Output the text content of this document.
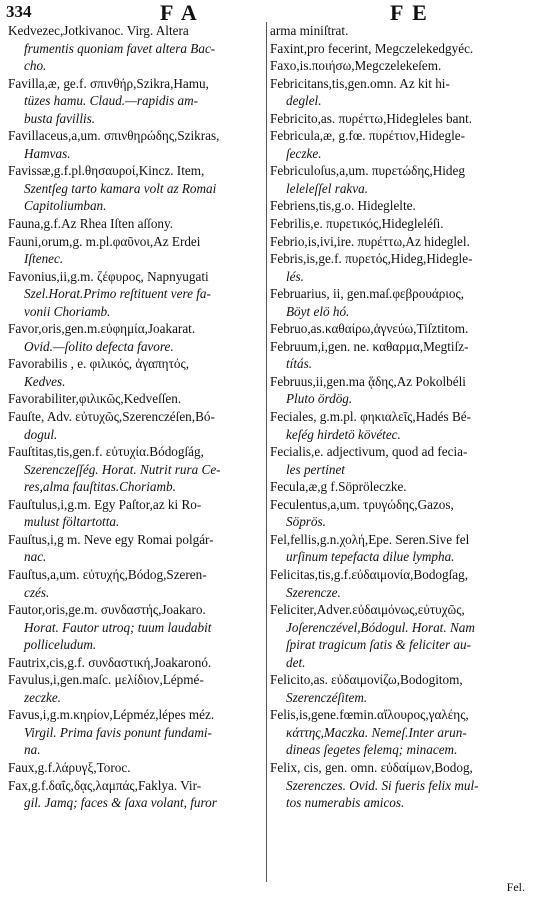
334	F A	F E
Kedvezec,Jotkivanoc. Virg. Altera
frumentis quoniam favet altera Bac-
cho.
Favilla,æ, ge.f. σπινθήρ,Szikra,Hamu,
tüzes hamu. Claud.—rapidis am-
busta favillis.
Favillaceus,a,um. σπινθηρώδης,Szikras,
Hamvas.
Favissæ,g.f.pl.θησαυροί,Kincz. Item,
Szentſeg tarto kamara volt az Romai
Capitoliumban.
Fauna,g.f.Az Rhea Iſten aſſony.
Fauni,orum,g. m.pl.φαῦνοι,Az Erdei
Iſtenec.
Favonius,ii,g.m. ζέφυρος, Napnyugati
Szel.Horat.Primo reſtituent vere fa-
vonii Choriamb.
Favor,oris,gen.m.εὐφημία,Joakarat.
Ovid.—ſolito defecta favore.
Favorabilis , e. φιλικός, ἀγαπητός,
Kedves.
Favorabiliter,φιλικῶς,Kedveſſen.
Fauſte, Adv. εὐτυχῶς,Szerenczéſen,Bó-
dogul.
Fauſtitas,tis,gen.f. εὐτυχία.Bódogſág,
Szerenczeſſég. Horat. Nutrit rura Ce-
res,alma fauſtitas.Choriamb.
Fauſtulus,i,g.m. Egy Paſtor,az ki Ro-
mulust föltartotta.
Fauſtus,i,g m. Neve egy Romai polgár-
nac.
Fauſtus,a,um. εὐτυχής,Bódog,Szeren-
czés.
Fautor,oris,ge.m. συνδαστής,Joakaro.
Horat. Fautor utroq; tuum laudabit
polliceludum.
Fautrix,cis,g.f. συνδαστική,Joakaronó.
Favulus,i,gen.maſc. μελίδιον,Lépmé-
zeczke.
Favus,i,g.m.κηρίον,Lépméz,lépes méz.
Virgil. Prima favis ponunt fundami-
na.
Faux,g.f.λάρυγξ,Toroc.
Fax,g.f.δαΐς,δᾳς,λαμπάς,Faklya. Vir-
gil. Jamq; faces & ſaxa volant, furor
arma miniſtrat.
Faxint,pro fecerint, Megczelekedgyéc.
Faxo,is.ποιήσω,Megczelekeſem.
Febricitans,tis,gen.omn. Az kit hi-
deglel.
Febricito,as. πυρέττω,Hidegleles bant.
Febricula,æ, g.fœ. πυρέτιον,Hidegle-
ſeczke.
Febriculoſus,a,um. πυρετώδης,Hideg
leleleſſel rakva.
Febriens,tis,g.o. Hideglelte.
Febrilis,e. πυρετικός,Hidegleléſi.
Febrio,is,ivi,ire. πυρέττω,Az hideglel.
Febris,is,ge.f. πυρετός,Hideg,Hidegle-
lés.
Februarius, ii, gen.maſ.φεβρουάριος,
Böyt elö hó.
Februo,as.καθαίρω,ἁγνεύω,Tiſztitom.
Februum,i,gen. ne. καθαρμα,Megtiſz-
títás.
Februus,ii,gen.ma ᾅδης,Az Pokolbéli
Pluto ördög.
Feciales, g.m.pl. φηκιαλεῖς,Hadés Bé-
keſég hirdetö kövétec.
Fecialis,e. adjectivum, quod ad fecia-
les pertinet
Fecula,æ,g f.Söpröleczke.
Feculentus,a,um. τρυγώδης,Gazos,
Söprös.
Fel,fellis,g.n.χολή,Epe. Seren.Sive fel
urſinum tepefacta dilue lympha.
Felicitas,tis,g.f.εὐδαιμονία,Bodogſag,
Szerencze.
Feliciter,Adver.εὐδαιμόνως,εὐτυχῶς,
Joſerenczével,Bódogul. Horat. Nam
ſpirat tragicum ſatis & feliciter au-
det.
Felicito,as. εὐδαιμονίζω,Bodogitom,
Szerenczéſitem.
Felis,is,gene.fœmin.αἴλουρος,γαλέης,
κάττης,Maczka. Nemeſ.Inter arun-
dineas ſegetes felemq; minacem.
Felix, cis, gen. omn. εὐδαίμων,Bodog,
Szerenczes. Ovid. Si fueris felix mul-
tos numerabis amicos.
Fel.
